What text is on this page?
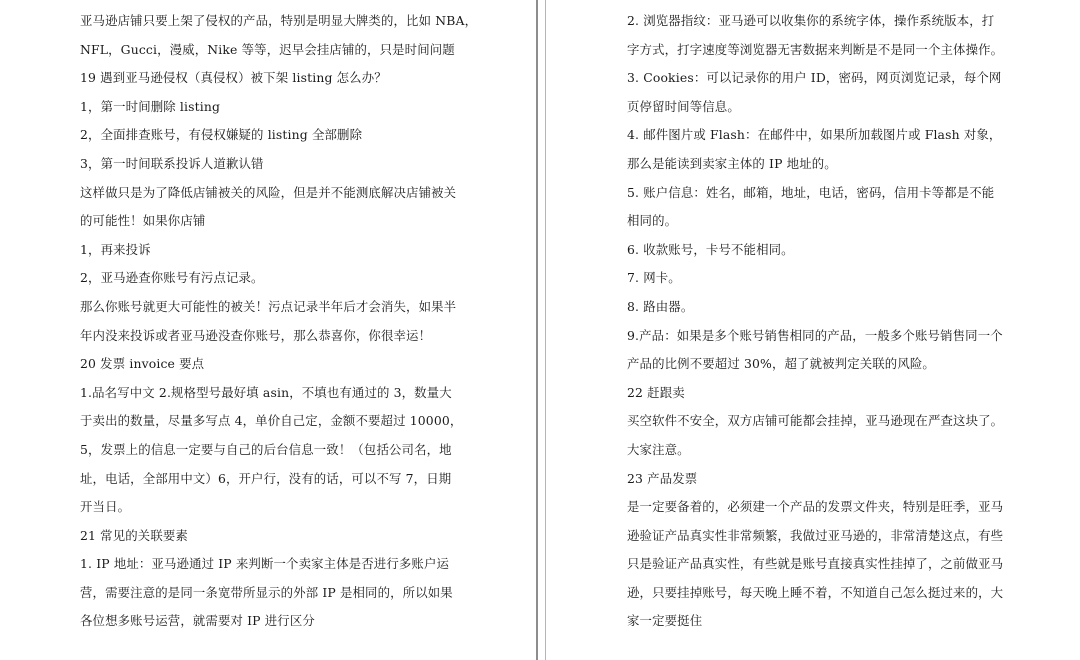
亚马逊店铺只要上架了侵权的产品，特别是明显大牌类的，比如 NBA，
NFL，Gucci，漫威，Nike 等等，迟早会挂店铺的，只是时间问题
19 遇到亚马逊侵权（真侵权）被下架 listing 怎么办？
1，第一时间删除 listing
2，全面排查账号，有侵权嫌疑的 listing 全部删除
3，第一时间联系投诉人道歉认错
这样做只是为了降低店铺被关的风险，但是并不能测底解决店铺被关
的可能性！如果你店铺
1，再来投诉
2，亚马逊查你账号有污点记录。
那么你账号就更大可能性的被关！污点记录半年后才会消失，如果半
年内没来投诉或者亚马逊没查你账号，那么恭喜你，你很幸运！
20 发票 invoice 要点
1.品名写中文 2.规格型号最好填 asin，不填也有通过的 3，数量大
于卖出的数量，尽量多写点 4，单价自己定，金额不要超过 10000，
5，发票上的信息一定要与自己的后台信息一致！（包括公司名，地
址，电话，全部用中文）6，开户行，没有的话，可以不写 7，日期
开当日。
21 常见的关联要素
1. IP 地址：亚马逊通过 IP 来判断一个卖家主体是否进行多账户运
营，需要注意的是同一条宽带所显示的外部 IP 是相同的，所以如果
各位想多账号运营，就需要对 IP 进行区分
2. 浏览器指纹：亚马逊可以收集你的系统字体，操作系统版本，打
字方式，打字速度等浏览器无害数据来判断是不是同一个主体操作。
3. Cookies：可以记录你的用户 ID，密码，网页浏览记录，每个网
页停留时间等信息。
4. 邮件图片或 Flash：在邮件中，如果所加载图片或 Flash 对象，
那么是能读到卖家主体的 IP 地址的。
5. 账户信息：姓名，邮箱，地址，电话，密码，信用卡等都是不能
相同的。
6. 收款账号，卡号不能相同。
7. 网卡。
8. 路由器。
9.产品：如果是多个账号销售相同的产品，一般多个账号销售同一个
产品的比例不要超过 30%，超了就被判定关联的风险。
22 赶跟卖
买空软件不安全，双方店铺可能都会挂掉，亚马逊现在严查这块了。
大家注意。
23 产品发票
是一定要备着的，必须建一个产品的发票文件夹，特别是旺季，亚马
逊验证产品真实性非常频繁，我做过亚马逊的，非常清楚这点，有些
只是验证产品真实性，有些就是账号直接真实性挂掉了，之前做亚马
逊，只要挂掉账号，每天晚上睡不着，不知道自己怎么挺过来的，大
家一定要挺住
